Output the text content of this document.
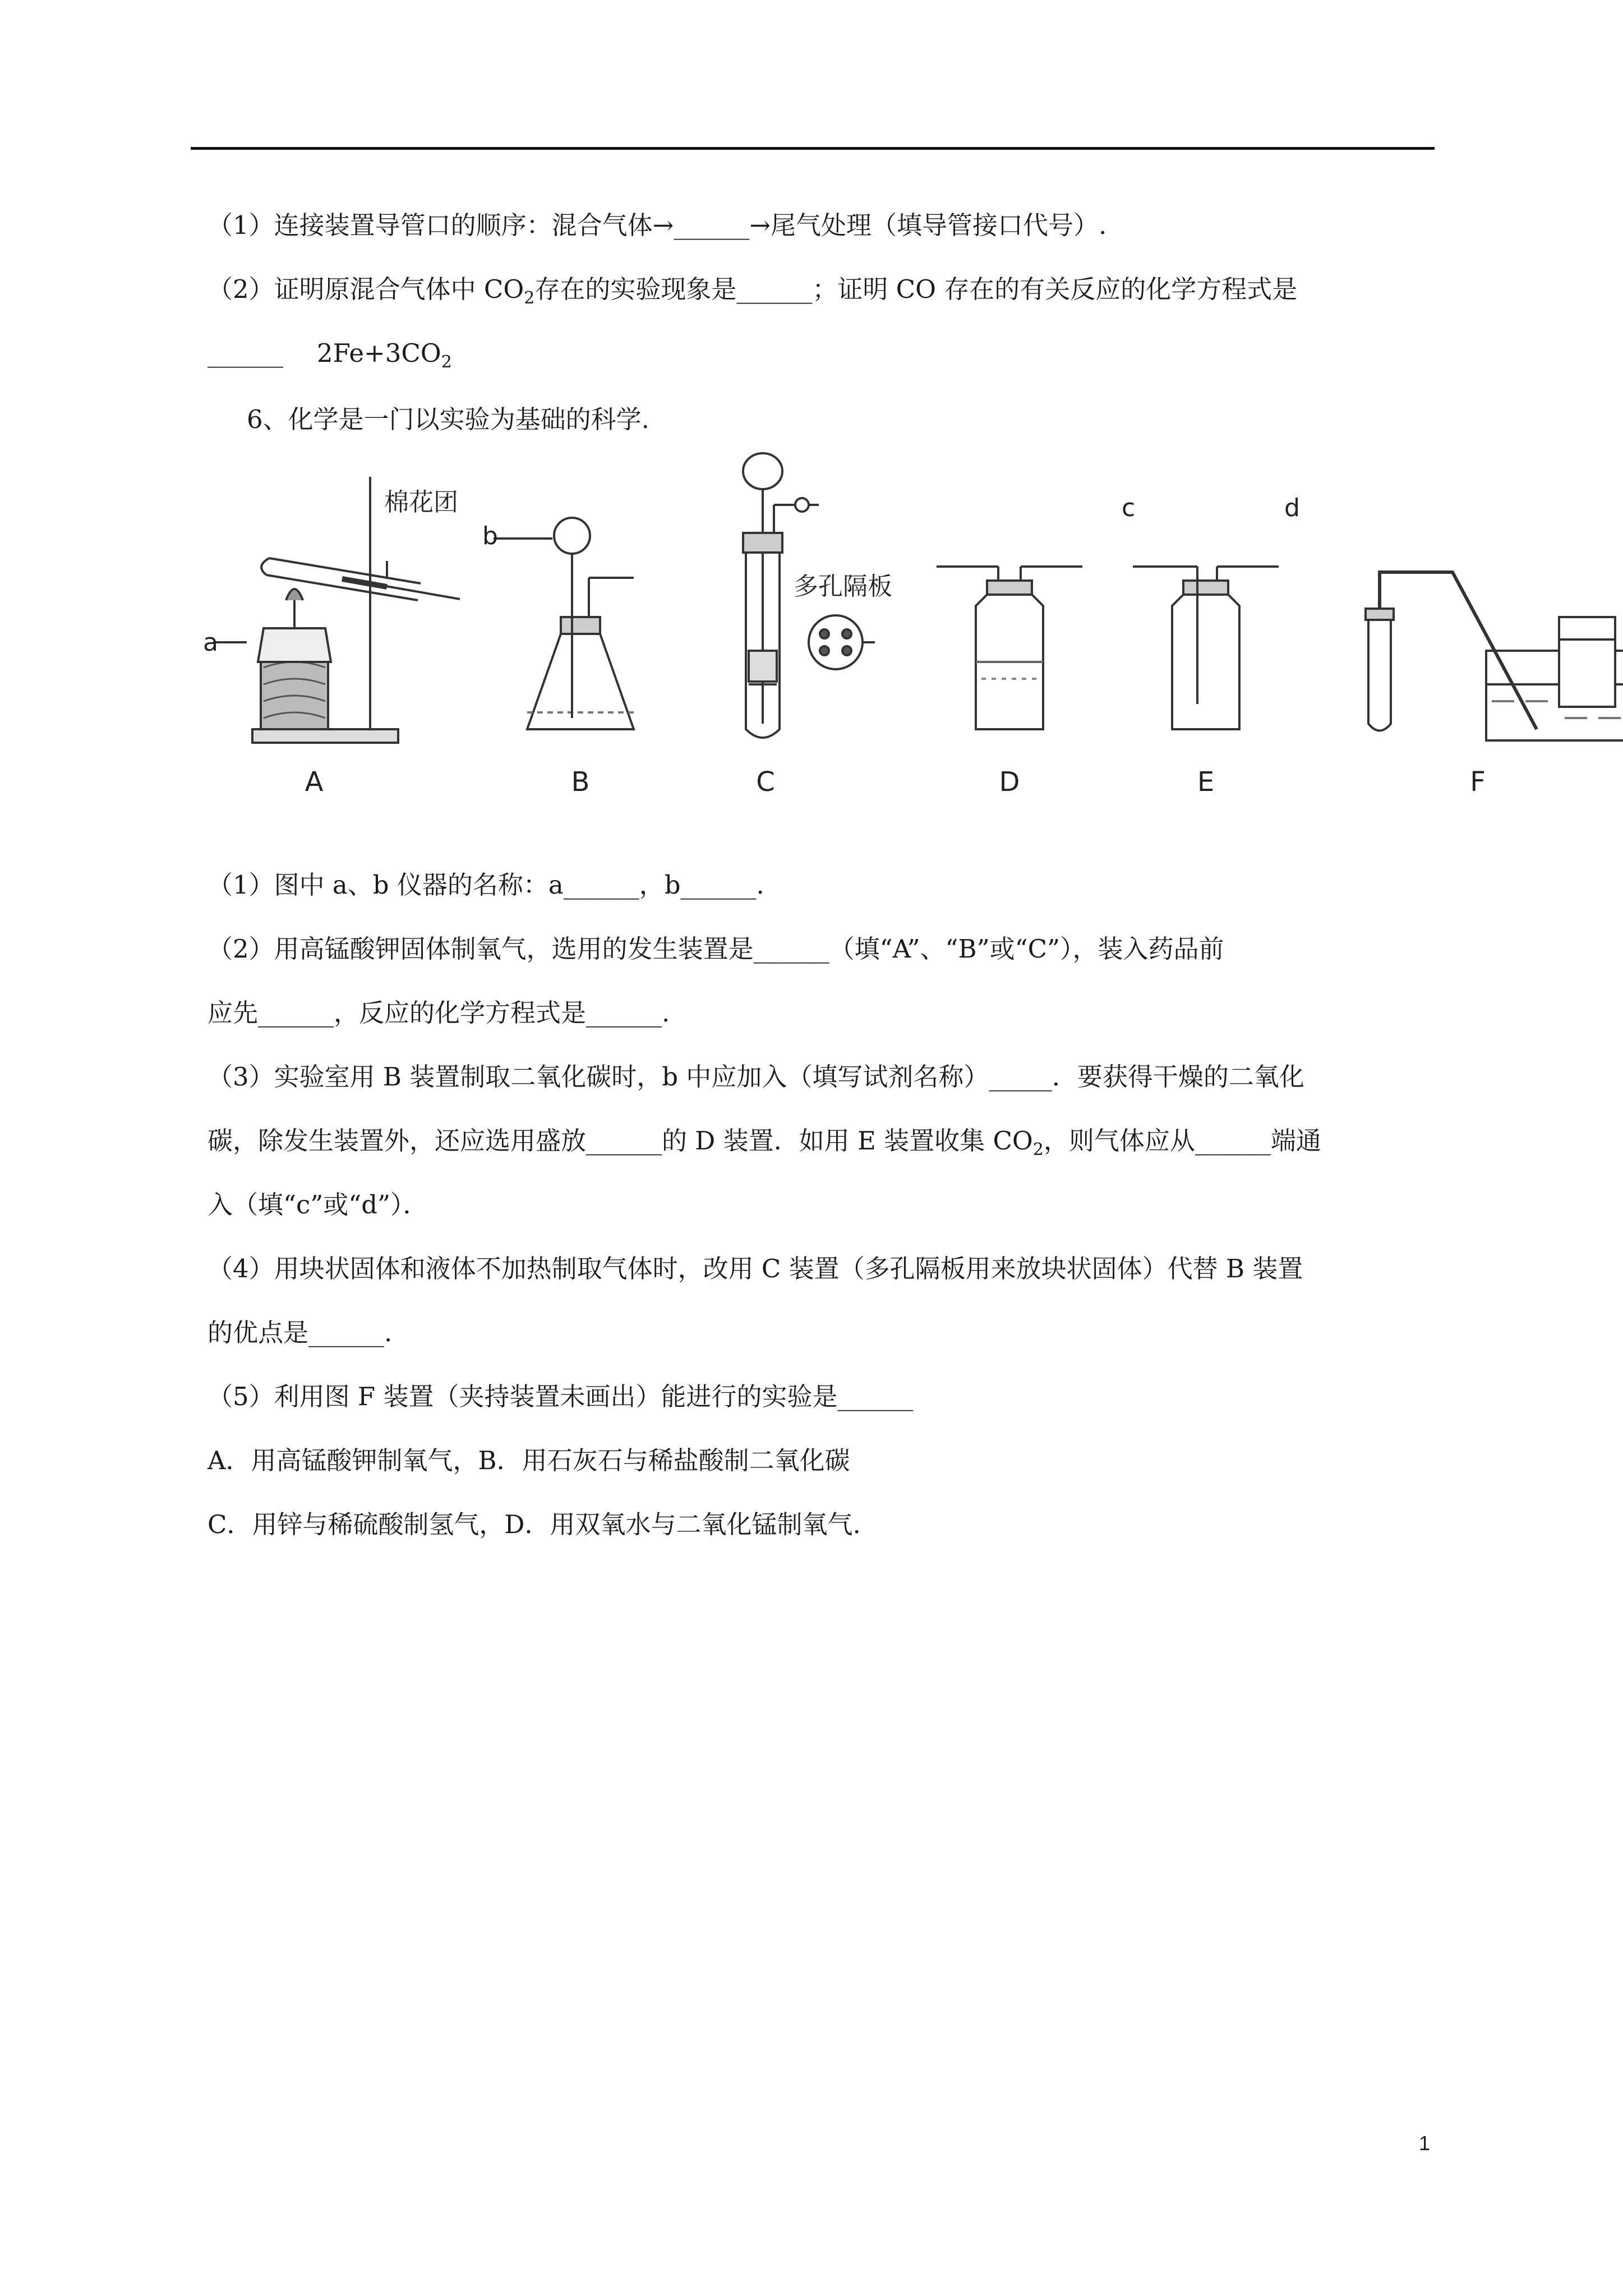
（1）连接装置导管口的顺序：混合气体→______→尾气处理（填导管接口代号）.
（2）证明原混合气体中 CO2存在的实验现象是______；证明 CO 存在的有关反应的化学方程式是
______ $2Fe+3CO_2$
6、化学是一门以实验为基础的科学.
棉花团
a
A
b
B
多孔隔板
C	D
c	d
E	F
（1）图中 a、b 仪器的名称：a______，b______.
（2）用高锰酸钾固体制氧气，选用的发生装置是______（填“A”、“B”或“C”），装入药品前
应先______，反应的化学方程式是______.
（3）实验室用 B 装置制取二氧化碳时，b 中应加入（填写试剂名称）_____．要获得干燥的二氧化
碳，除发生装置外，还应选用盛放______的 D 装置．如用 E 装置收集 CO2，则气体应从______端通
入（填“c”或“d”）．
（4）用块状固体和液体不加热制取气体时，改用 C 装置（多孔隔板用来放块状固体）代替 B 装置
的优点是______.
（5）利用图 F 装置（夹持装置未画出）能进行的实验是______
A．用高锰酸钾制氧气，B．用石灰石与稀盐酸制二氧化碳
C．用锌与稀硫酸制氢气，D．用双氧水与二氧化锰制氧气.
1
